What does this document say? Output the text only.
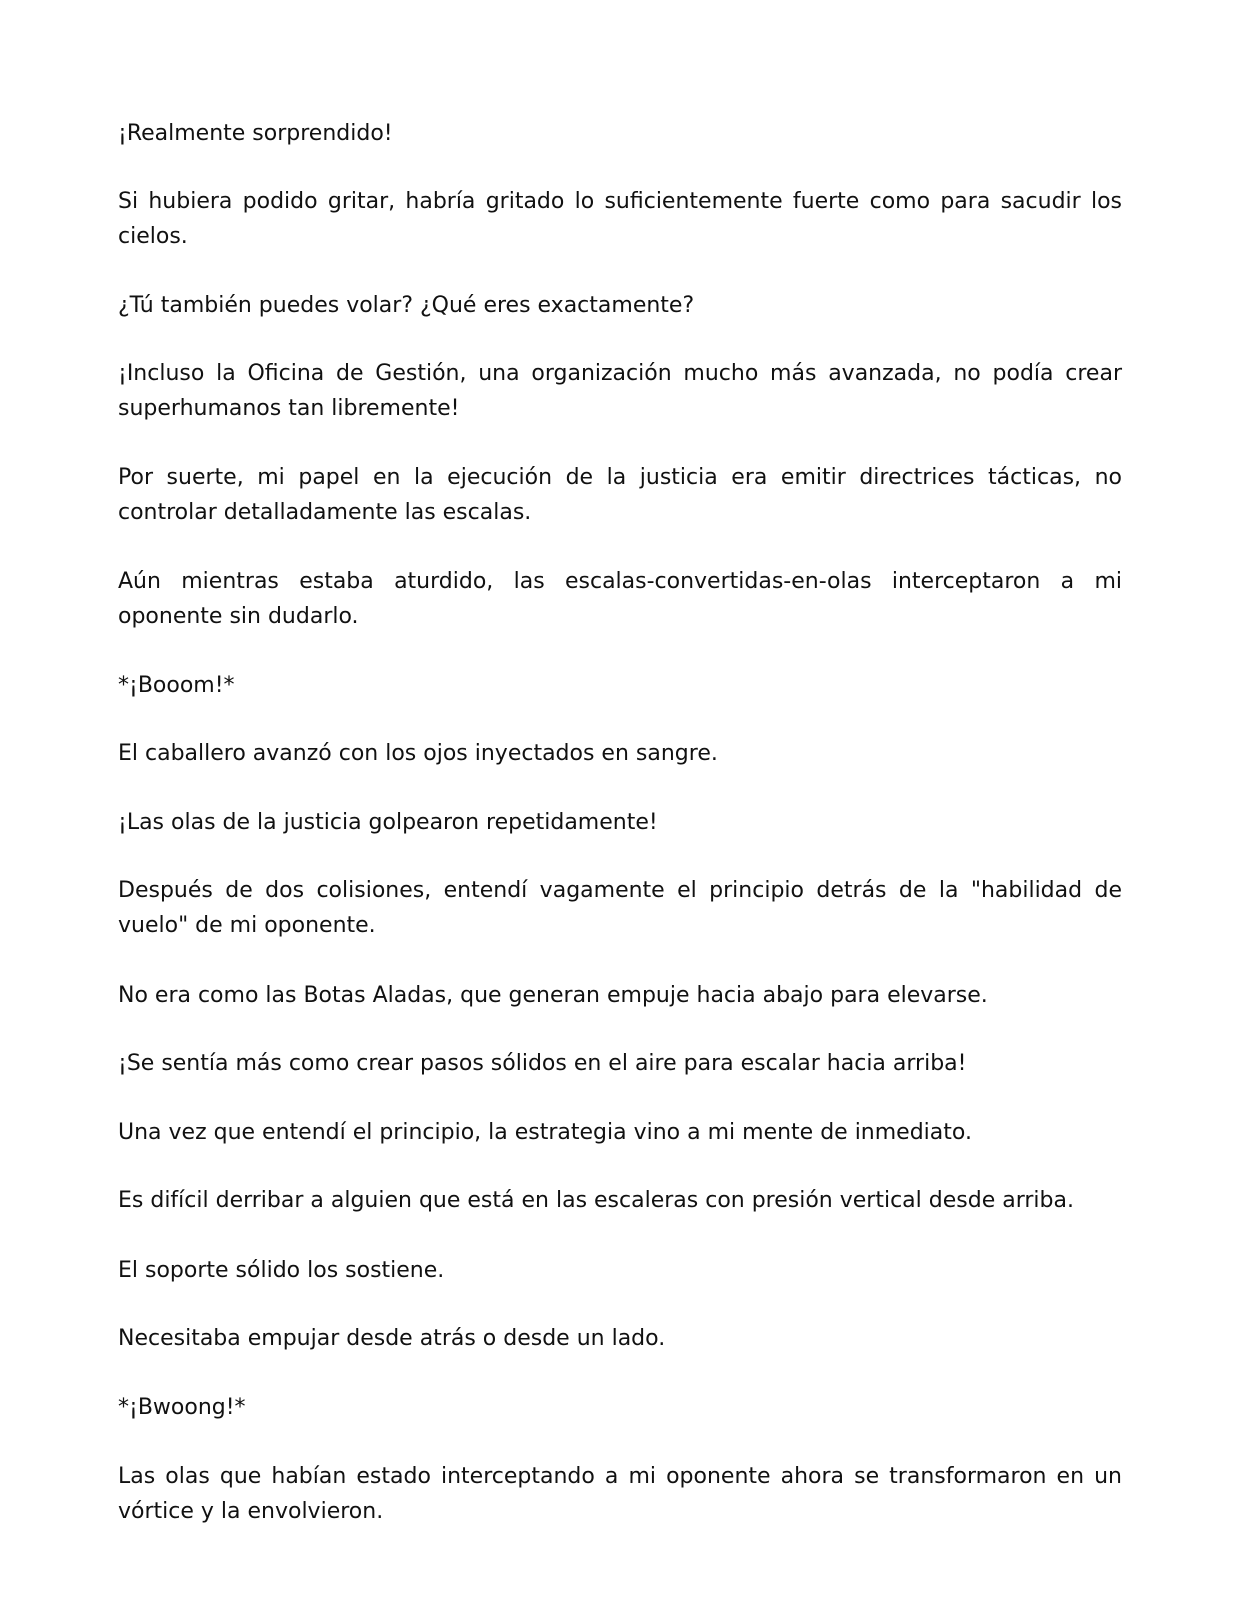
¡Realmente sorprendido!

Si hubiera podido gritar, habría gritado lo suficientemente fuerte como para sacudir los cielos.

¿Tú también puedes volar? ¿Qué eres exactamente?

¡Incluso la Oficina de Gestión, una organización mucho más avanzada, no podía crear superhumanos tan libremente!

Por suerte, mi papel en la ejecución de la justicia era emitir directrices tácticas, no controlar detalladamente las escalas.

Aún mientras estaba aturdido, las escalas-convertidas-en-olas interceptaron a mi oponente sin dudarlo.

*¡Booom!*

El caballero avanzó con los ojos inyectados en sangre.

¡Las olas de la justicia golpearon repetidamente!

Después de dos colisiones, entendí vagamente el principio detrás de la "habilidad de vuelo" de mi oponente.

No era como las Botas Aladas, que generan empuje hacia abajo para elevarse.

¡Se sentía más como crear pasos sólidos en el aire para escalar hacia arriba!

Una vez que entendí el principio, la estrategia vino a mi mente de inmediato.

Es difícil derribar a alguien que está en las escaleras con presión vertical desde arriba.

El soporte sólido los sostiene.

Necesitaba empujar desde atrás o desde un lado.

*¡Bwoong!*

Las olas que habían estado interceptando a mi oponente ahora se transformaron en un vórtice y la envolvieron.
